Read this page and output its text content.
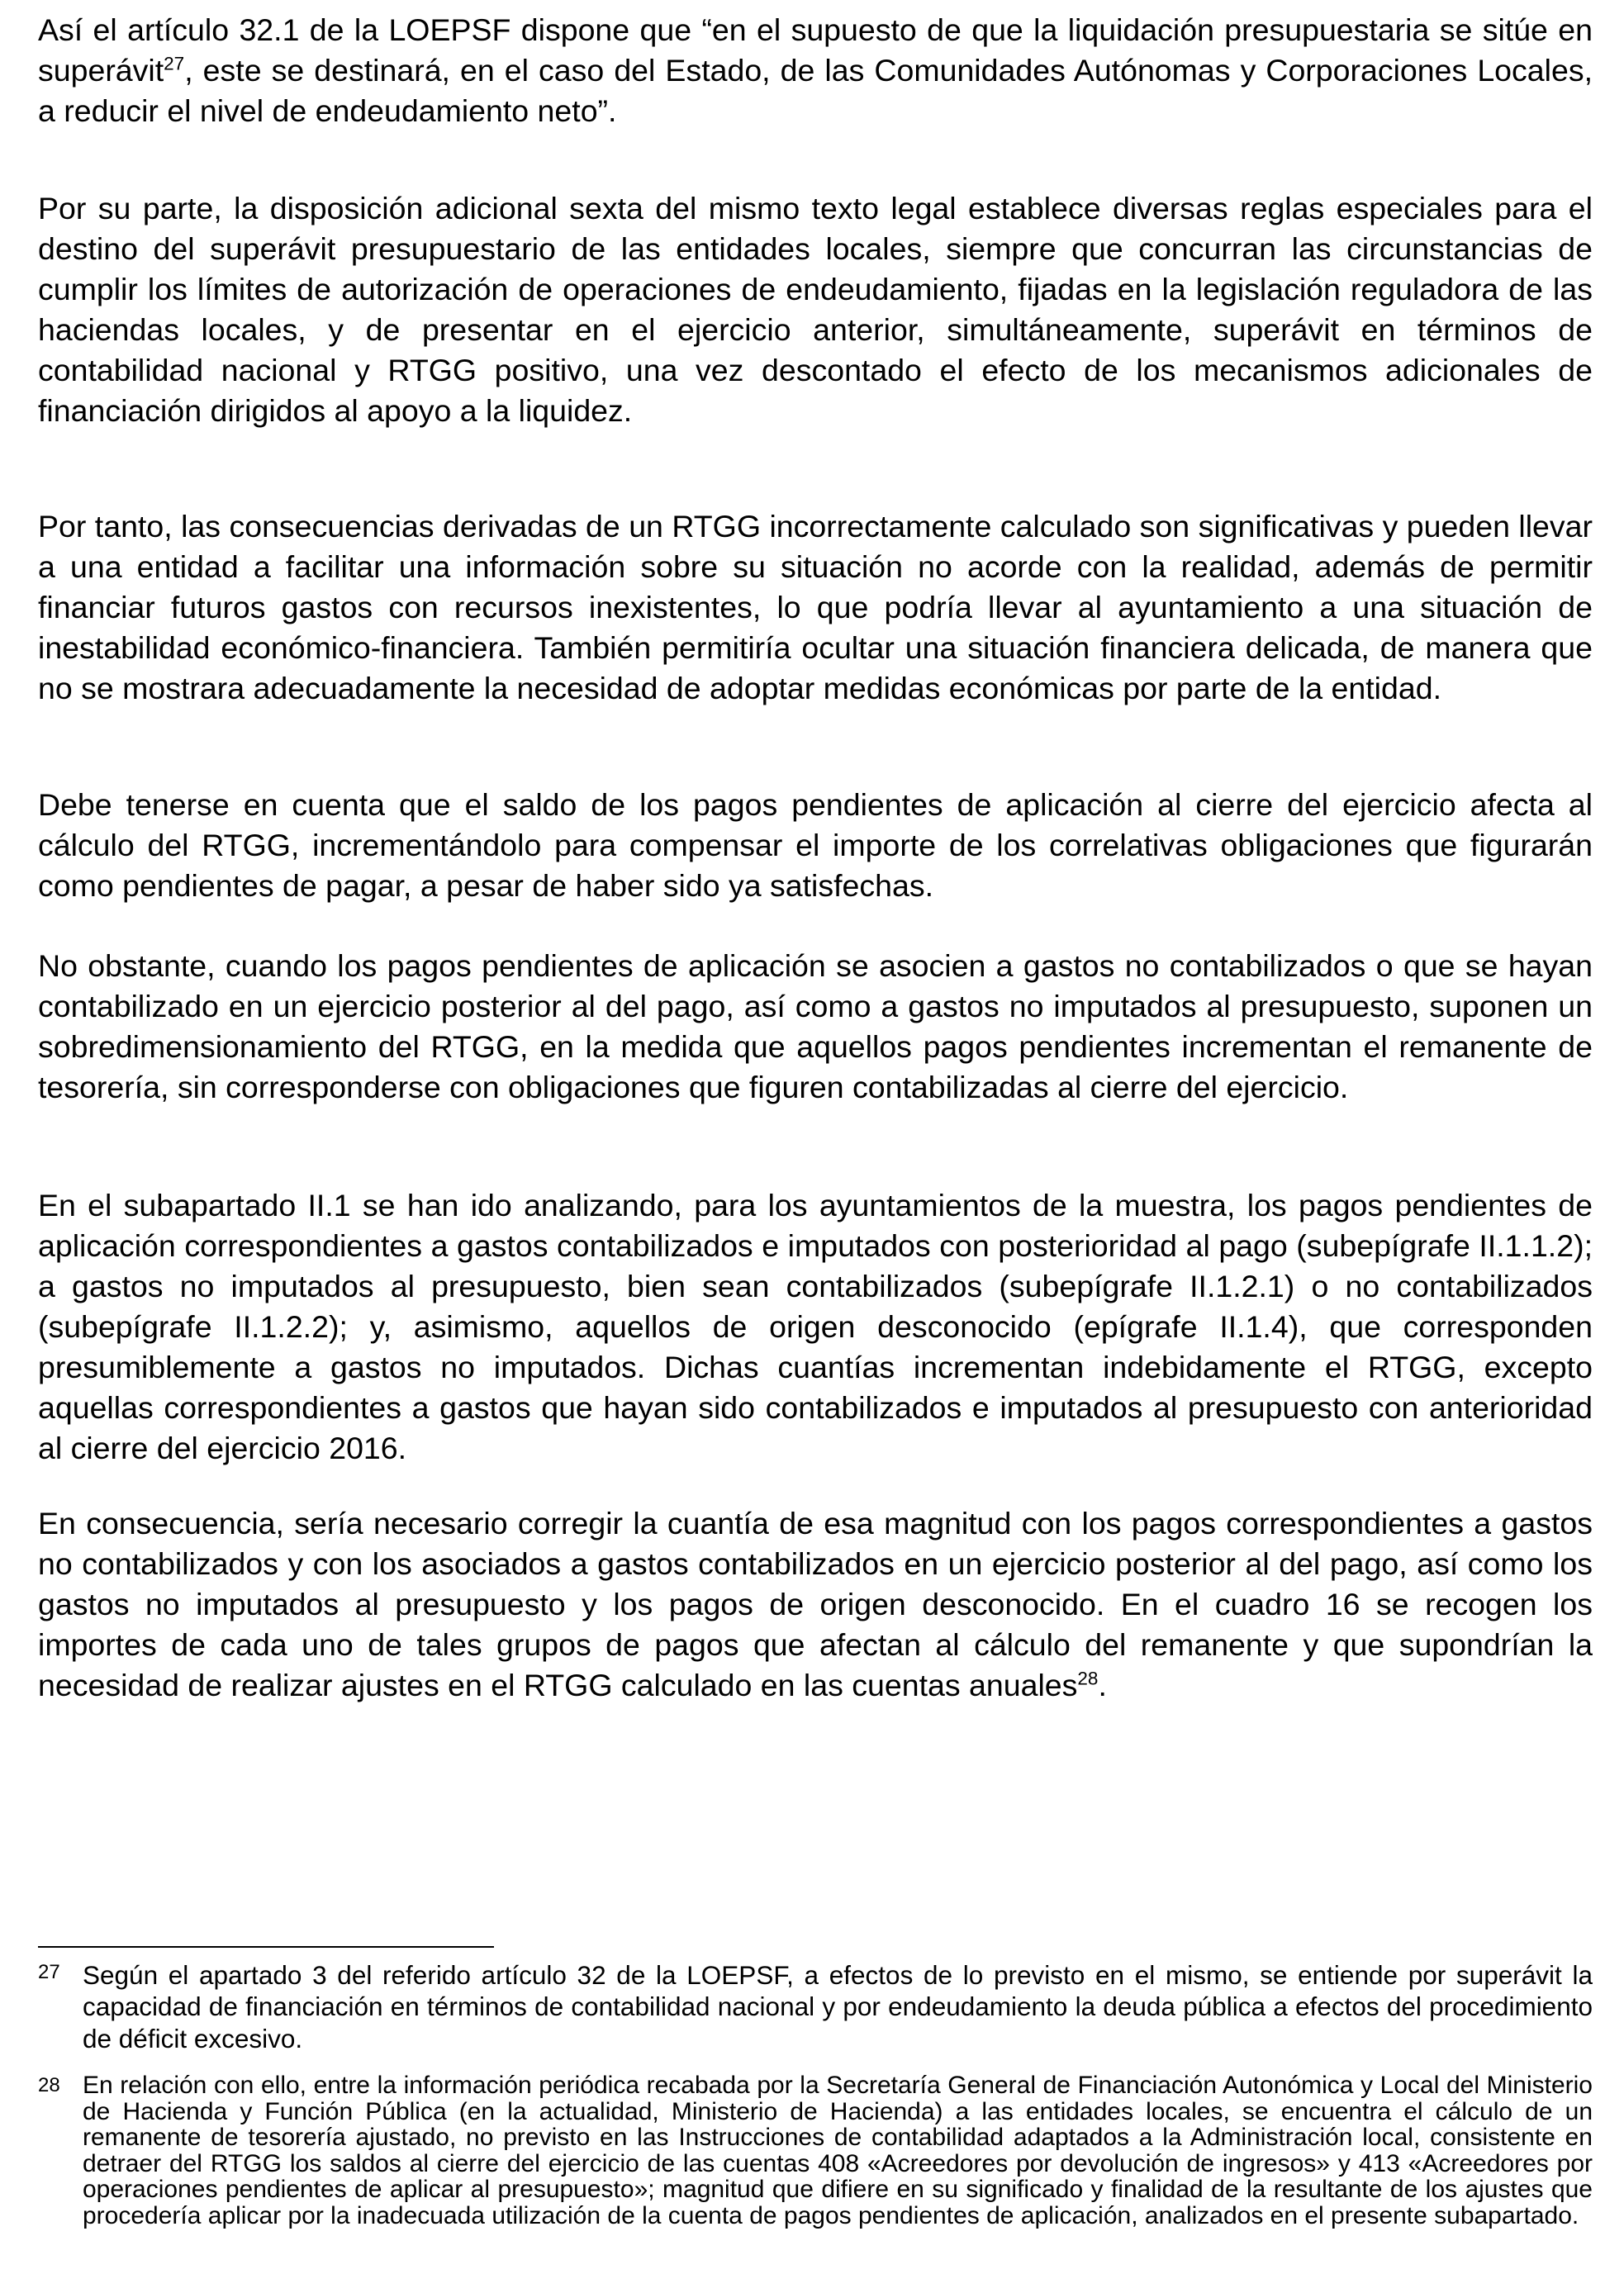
Así el artículo 32.1 de la LOEPSF dispone que “en el supuesto de que la liquidación presupuestaria se sitúe en superávit$^{27}$, este se destinará, en el caso del Estado, de las Comunidades Autónomas y Corporaciones Locales, a reducir el nivel de endeudamiento neto”.

Por su parte, la disposición adicional sexta del mismo texto legal establece diversas reglas especiales para el destino del superávit presupuestario de las entidades locales, siempre que concurran las circunstancias de cumplir los límites de autorización de operaciones de endeudamiento, fijadas en la legislación reguladora de las haciendas locales, y de presentar en el ejercicio anterior, simultáneamente, superávit en términos de contabilidad nacional y RTGG positivo, una vez descontado el efecto de los mecanismos adicionales de financiación dirigidos al apoyo a la liquidez.

Por tanto, las consecuencias derivadas de un RTGG incorrectamente calculado son significativas y pueden llevar a una entidad a facilitar una información sobre su situación no acorde con la realidad, además de permitir financiar futuros gastos con recursos inexistentes, lo que podría llevar al ayuntamiento a una situación de inestabilidad económico-financiera. También permitiría ocultar una situación financiera delicada, de manera que no se mostrara adecuadamente la necesidad de adoptar medidas económicas por parte de la entidad.

Debe tenerse en cuenta que el saldo de los pagos pendientes de aplicación al cierre del ejercicio afecta al cálculo del RTGG, incrementándolo para compensar el importe de los correlativas obligaciones que figurarán como pendientes de pagar, a pesar de haber sido ya satisfechas.

No obstante, cuando los pagos pendientes de aplicación se asocien a gastos no contabilizados o que se hayan contabilizado en un ejercicio posterior al del pago, así como a gastos no imputados al presupuesto, suponen un sobredimensionamiento del RTGG, en la medida que aquellos pagos pendientes incrementan el remanente de tesorería, sin corresponderse con obligaciones que figuren contabilizadas al cierre del ejercicio.

En el subapartado II.1 se han ido analizando, para los ayuntamientos de la muestra, los pagos pendientes de aplicación correspondientes a gastos contabilizados e imputados con posterioridad al pago (subepígrafe II.1.1.2); a gastos no imputados al presupuesto, bien sean contabilizados (subepígrafe II.1.2.1) o no contabilizados (subepígrafe II.1.2.2); y, asimismo, aquellos de origen desconocido (epígrafe II.1.4), que corresponden presumiblemente a gastos no imputados. Dichas cuantías incrementan indebidamente el RTGG, excepto aquellas correspondientes a gastos que hayan sido contabilizados e imputados al presupuesto con anterioridad al cierre del ejercicio 2016.

En consecuencia, sería necesario corregir la cuantía de esa magnitud con los pagos correspondientes a gastos no contabilizados y con los asociados a gastos contabilizados en un ejercicio posterior al del pago, así como los gastos no imputados al presupuesto y los pagos de origen desconocido. En el cuadro 16 se recogen los importes de cada uno de tales grupos de pagos que afectan al cálculo del remanente y que supondrían la necesidad de realizar ajustes en el RTGG calculado en las cuentas anuales$^{28}$.

27 Según el apartado 3 del referido artículo 32 de la LOEPSF, a efectos de lo previsto en el mismo, se entiende por superávit la capacidad de financiación en términos de contabilidad nacional y por endeudamiento la deuda pública a efectos del procedimiento de déficit excesivo.

28 En relación con ello, entre la información periódica recabada por la Secretaría General de Financiación Autonómica y Local del Ministerio de Hacienda y Función Pública (en la actualidad, Ministerio de Hacienda) a las entidades locales, se encuentra el cálculo de un remanente de tesorería ajustado, no previsto en las Instrucciones de contabilidad adaptados a la Administración local, consistente en detraer del RTGG los saldos al cierre del ejercicio de las cuentas 408 «Acreedores por devolución de ingresos» y 413 «Acreedores por operaciones pendientes de aplicar al presupuesto»; magnitud que difiere en su significado y finalidad de la resultante de los ajustes que procedería aplicar por la inadecuada utilización de la cuenta de pagos pendientes de aplicación, analizados en el presente subapartado.
